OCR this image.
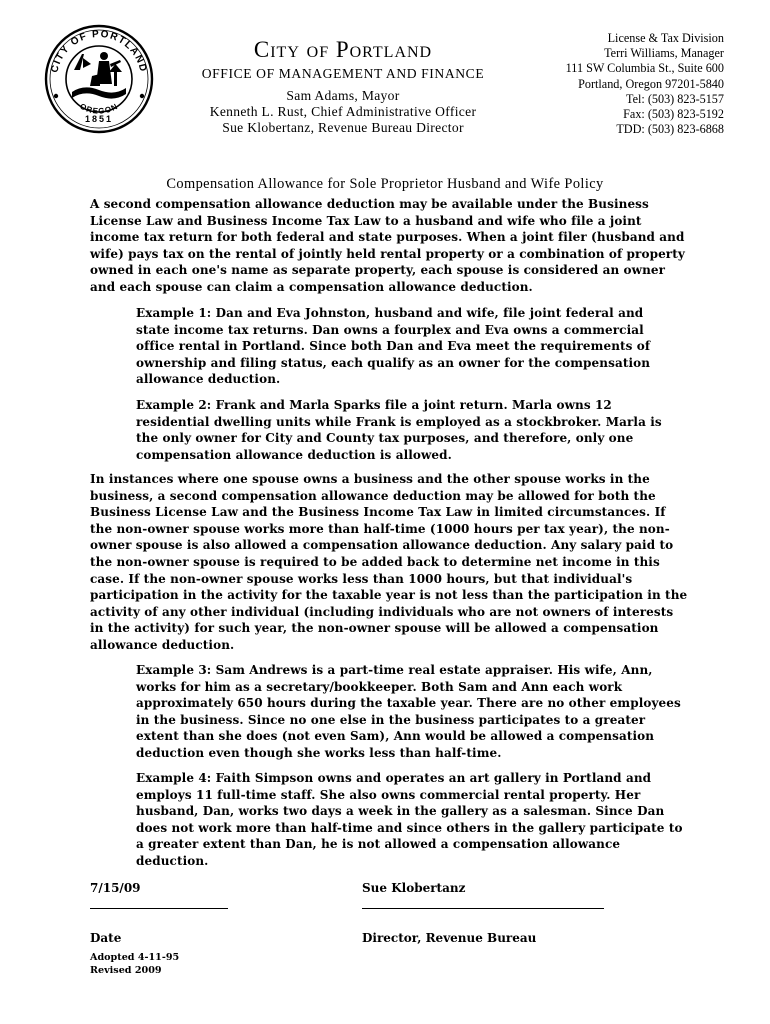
CITY OF PORTLAND
OREGON
1851
City of Portland
OFFICE OF MANAGEMENT AND FINANCE
Sam Adams, Mayor
Kenneth L. Rust, Chief Administrative Officer
Sue Klobertanz, Revenue Bureau Director
License & Tax Division
Terri Williams, Manager
111 SW Columbia St., Suite 600
Portland, Oregon 97201-5840
Tel: (503) 823-5157
Fax: (503) 823-5192
TDD: (503) 823-6868
Compensation Allowance for Sole Proprietor Husband and Wife Policy
A second compensation allowance deduction may be available under the Business License Law and Business Income Tax Law to a husband and wife who file a joint income tax return for both federal and state purposes. When a joint filer (husband and wife) pays tax on the rental of jointly held rental property or a combination of property owned in each one's name as separate property, each spouse is considered an owner and each spouse can claim a compensation allowance deduction.
Example 1: Dan and Eva Johnston, husband and wife, file joint federal and state income tax returns. Dan owns a fourplex and Eva owns a commercial office rental in Portland. Since both Dan and Eva meet the requirements of ownership and filing status, each qualify as an owner for the compensation allowance deduction.
Example 2: Frank and Marla Sparks file a joint return. Marla owns 12 residential dwelling units while Frank is employed as a stockbroker. Marla is the only owner for City and County tax purposes, and therefore, only one compensation allowance deduction is allowed.
In instances where one spouse owns a business and the other spouse works in the business, a second compensation allowance deduction may be allowed for both the Business License Law and the Business Income Tax Law in limited circumstances. If the non-owner spouse works more than half-time (1000 hours per tax year), the non-owner spouse is also allowed a compensation allowance deduction. Any salary paid to the non-owner spouse is required to be added back to determine net income in this case. If the non-owner spouse works less than 1000 hours, but that individual's participation in the activity for the taxable year is not less than the participation in the activity of any other individual (including individuals who are not owners of interests in the activity) for such year, the non-owner spouse will be allowed a compensation allowance deduction.
Example 3: Sam Andrews is a part-time real estate appraiser. His wife, Ann, works for him as a secretary/bookkeeper. Both Sam and Ann each work approximately 650 hours during the taxable year. There are no other employees in the business. Since no one else in the business participates to a greater extent than she does (not even Sam), Ann would be allowed a compensation deduction even though she works less than half-time.
Example 4: Faith Simpson owns and operates an art gallery in Portland and employs 11 full-time staff. She also owns commercial rental property. Her husband, Dan, works two days a week in the gallery as a salesman. Since Dan does not work more than half-time and since others in the gallery participate to a greater extent than Dan, he is not allowed a compensation allowance deduction.
7/15/09	Sue Klobertanz
Date	Director, Revenue Bureau
Adopted 4-11-95
Revised 2009
